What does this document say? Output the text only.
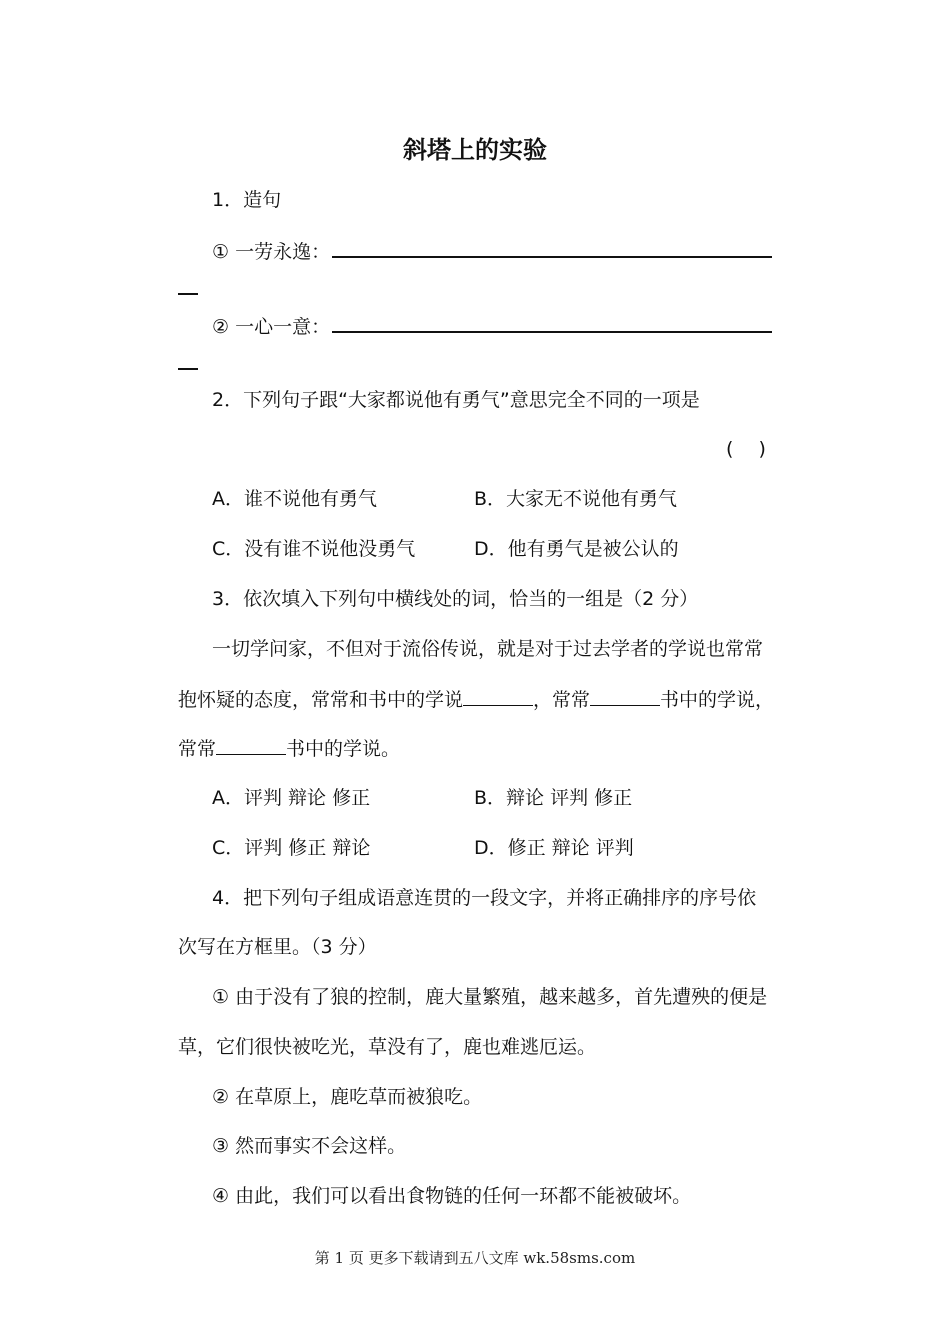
斜塔上的实验
1．造句
① 一劳永逸：
② 一心一意：
2．下列句子跟“大家都说他有勇气”意思完全不同的一项是
(　 )
A．谁不说他有勇气	B．大家无不说他有勇气
C．没有谁不说他没勇气	D．他有勇气是被公认的
3．依次填入下列句中横线处的词，恰当的一组是（2 分）
一切学问家，不但对于流俗传说，就是对于过去学者的学说也常常
抱怀疑的态度，常常和书中的学说	，常常	书中的学说，
常常	书中的学说。
A．评判 辩论 修正	B．辩论 评判 修正
C．评判 修正 辩论	D．修正 辩论 评判
4．把下列句子组成语意连贯的一段文字，并将正确排序的序号依
次写在方框里。（3 分）
① 由于没有了狼的控制，鹿大量繁殖，越来越多，首先遭殃的便是
草，它们很快被吃光，草没有了，鹿也难逃厄运。
② 在草原上，鹿吃草而被狼吃。
③ 然而事实不会这样。
④ 由此，我们可以看出食物链的任何一环都不能被破坏。
第 1 页 更多下载请到五八文库 wk.58sms.com
